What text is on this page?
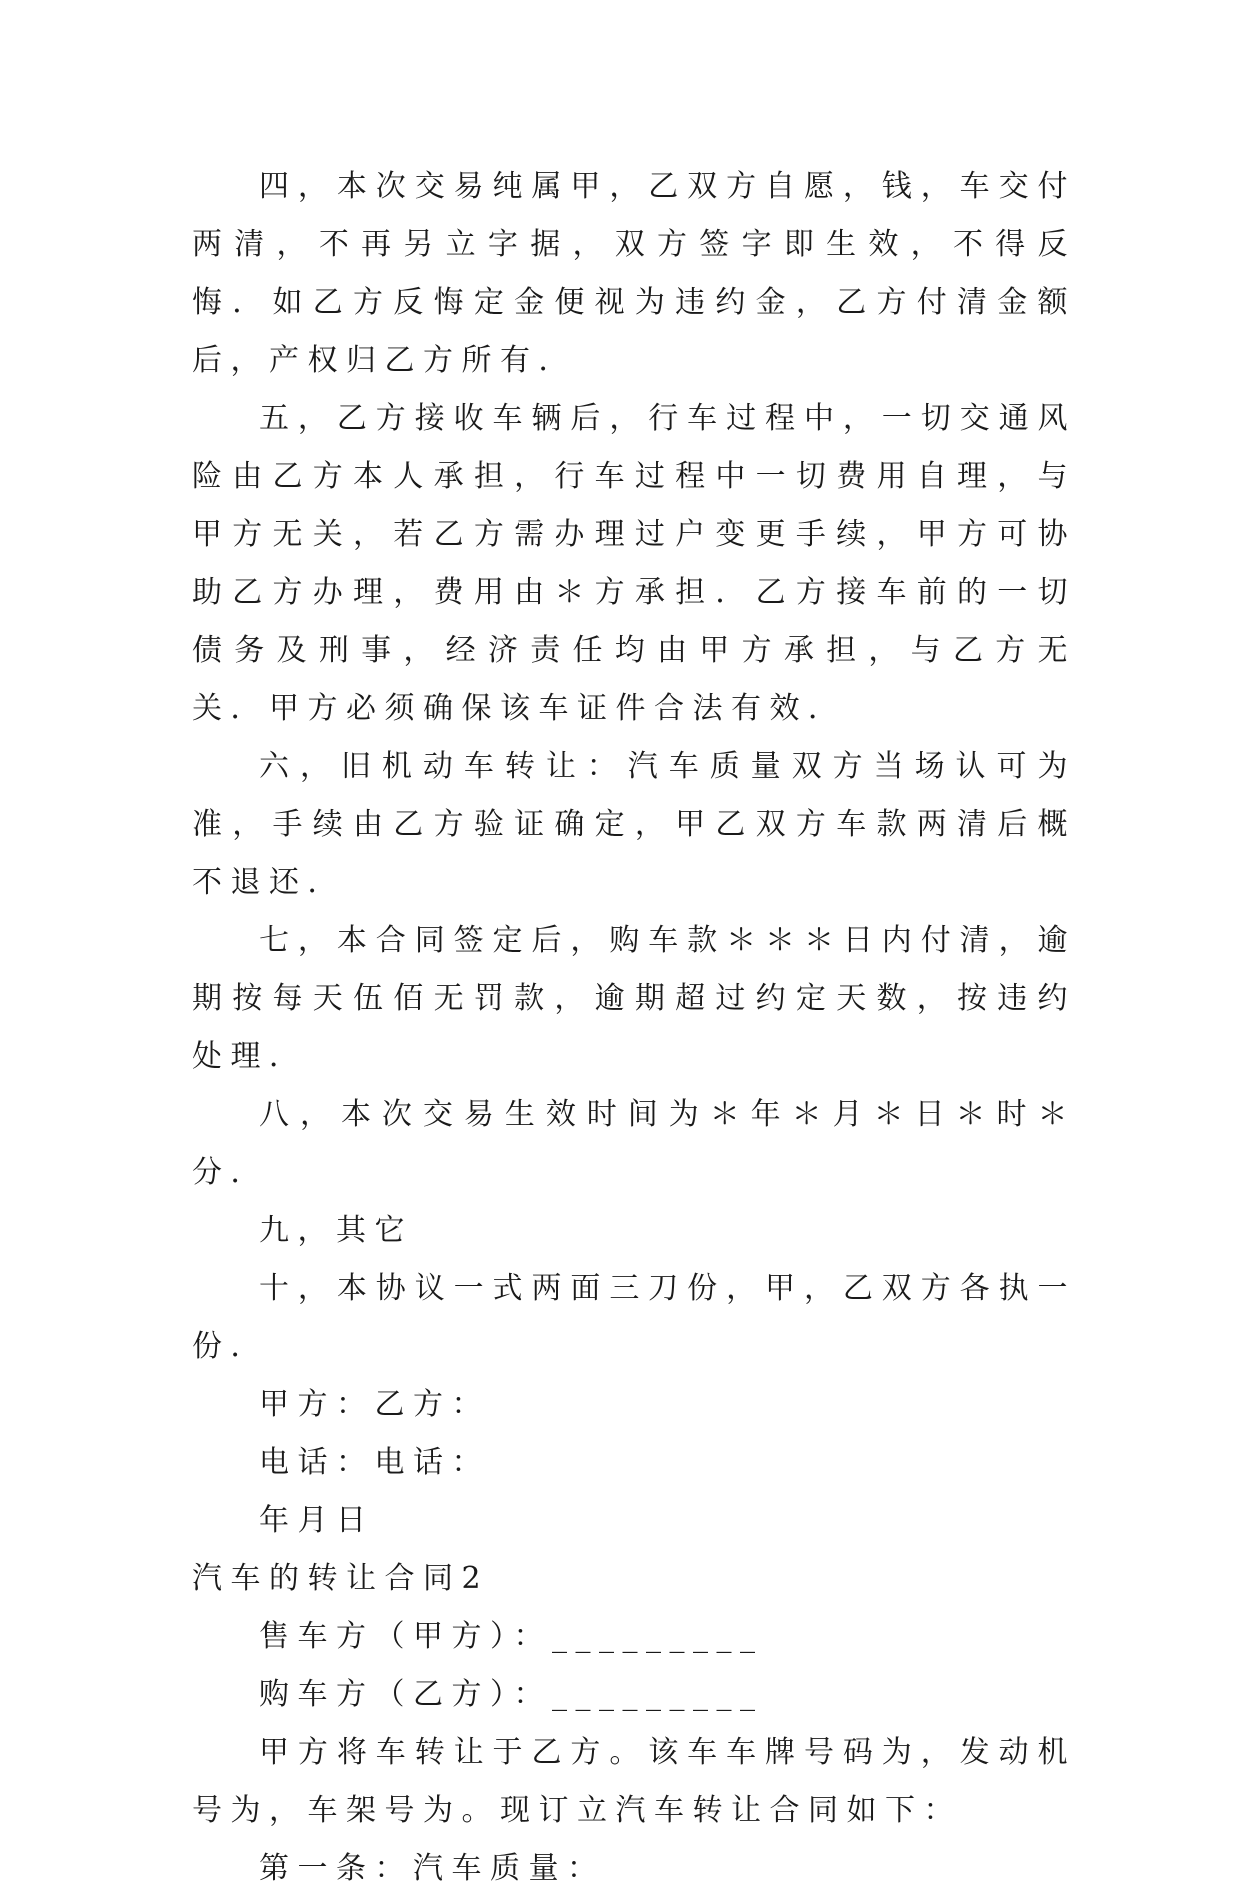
四，本次交易纯属甲，乙双方自愿，钱，车交付两清，不再另立字据，双方签字即生效，不得反悔．如乙方反悔定金便视为违约金，乙方付清金额后，产权归乙方所有．

五，乙方接收车辆后，行车过程中，一切交通风险由乙方本人承担，行车过程中一切费用自理，与甲方无关，若乙方需办理过户变更手续，甲方可协助乙方办理，费用由＊方承担．乙方接车前的一切债务及刑事，经济责任均由甲方承担，与乙方无关．甲方必须确保该车证件合法有效．

六，旧机动车转让：汽车质量双方当场认可为准，手续由乙方验证确定，甲乙双方车款两清后概不退还．

七，本合同签定后，购车款＊＊＊日内付清，逾期按每天伍佰无罚款，逾期超过约定天数，按违约处理．

八，本次交易生效时间为＊年＊月＊日＊时＊分．

九，其它

十，本协议一式两面三刀份，甲，乙双方各执一份．

甲方：乙方：

电话：电话：

年月日

汽车的转让合同2

售车方（甲方）：_________

购车方（乙方）：_________

甲方将车转让于乙方。该车车牌号码为，发动机号为，车架号为。现订立汽车转让合同如下：

第一条：汽车质量：
